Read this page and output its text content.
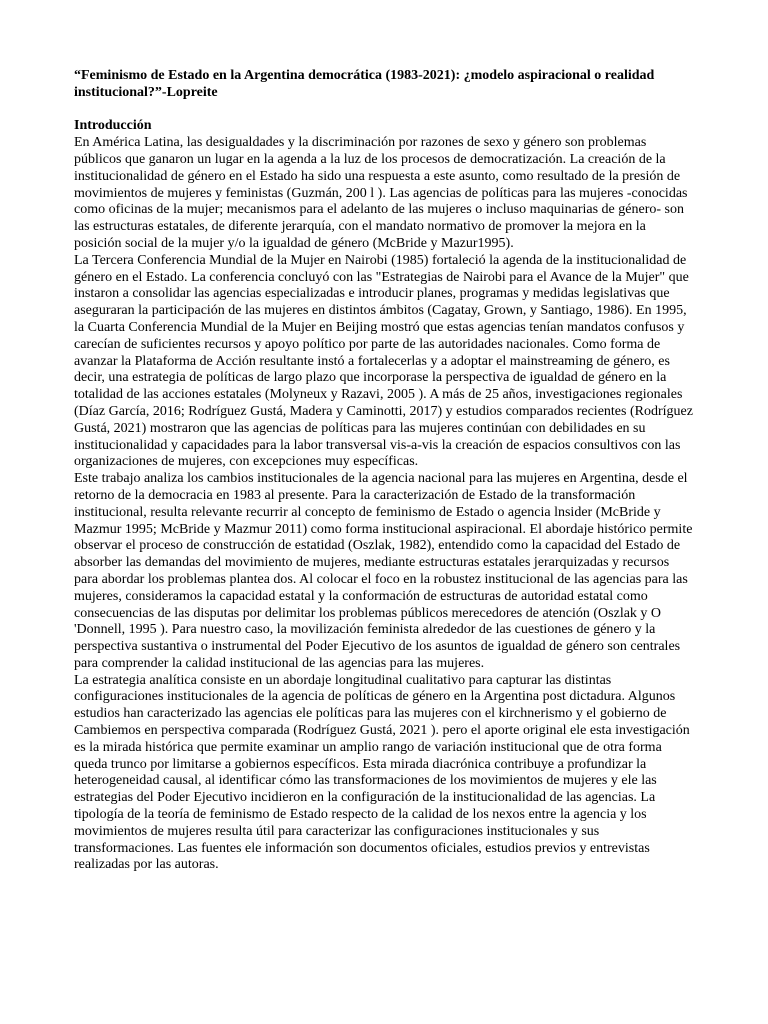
“Feminismo de Estado en la Argentina democrática (1983-2021): ¿modelo aspiracional o realidad institucional?”-Lopreite

Introducción

En América Latina, las desigualdades y la discriminación por razones de sexo y género son problemas públicos que ganaron un lugar en la agenda a la luz de los procesos de democratización. La creación de la institucionalidad de género en el Estado ha sido una respuesta a este asunto, como resultado de la presión de movimientos de mujeres y feministas (Guzmán, 200 l ). Las agencias de políticas para las mujeres -conocidas como oficinas de la mujer; mecanismos para el adelanto de las mujeres o incluso maquinarias de género- son las estructuras estatales, de diferente jerarquía, con el mandato normativo de promover la mejora en la posición social de la mujer y/o la igualdad de género (McBride y Mazur1995).

La Tercera Conferencia Mundial de la Mujer en Nairobi (1985) fortaleció la agenda de la institucionalidad de género en el Estado. La conferencia concluyó con las "Estrategias de Nairobi para el Avance de la Mujer" que instaron a consolidar las agencias especializadas e introducir planes, programas y medidas legislativas que aseguraran la participación de las mujeres en distintos ámbitos (Cagatay, Grown, y Santiago, 1986). En 1995, la Cuarta Conferencia Mundial de la Mujer en Beijing mostró que estas agencias tenían mandatos confusos y carecían de suficientes recursos y apoyo político por parte de las autoridades nacionales. Como forma de avanzar la Plataforma de Acción resultante instó a fortalecerlas y a adoptar el mainstreaming de género, es decir, una estrategia de políticas de largo plazo que incorporase la perspectiva de igualdad de género en la totalidad de las acciones estatales (Molyneux y Razavi, 2005 ). A más de 25 años, investigaciones regionales (Díaz García, 2016; Rodríguez Gustá, Madera y Caminotti, 2017) y estudios comparados recientes (Rodríguez Gustá, 2021) mostraron que las agencias de políticas para las mujeres continúan con debilidades en su institucionalidad y capacidades para la labor transversal vis-a-vis la creación de espacios consultivos con las organizaciones de mujeres, con excepciones muy específicas.

Este trabajo analiza los cambios institucionales de la agencia nacional para las mujeres en Argentina, desde el retorno de la democracia en 1983 al presente. Para la caracterización de Estado de la transformación institucional, resulta relevante recurrir al concepto de feminismo de Estado o agencia lnsider (McBride y Mazmur 1995; McBride y Mazmur 2011) como forma institucional aspiracional. El abordaje histórico permite observar el proceso de construcción de estatidad (Oszlak, 1982), entendido como la capacidad del Estado de absorber las demandas del movimiento de mujeres, mediante estructuras estatales jerarquizadas y recursos para abordar los problemas plantea dos. Al colocar el foco en la robustez institucional de las agencias para las mujeres, consideramos la capacidad estatal y la conformación de estructuras de autoridad estatal como consecuencias de las disputas por delimitar los problemas públicos merecedores de atención (Oszlak y O 'Donnell, 1995 ). Para nuestro caso, la movilización feminista alrededor de las cuestiones de género y la perspectiva sustantiva o instrumental del Poder Ejecutivo de los asuntos de igualdad de género son centrales para comprender la calidad institucional de las agencias para las mujeres.

La estrategia analítica consiste en un abordaje longitudinal cualitativo para capturar las distintas configuraciones institucionales de la agencia de políticas de género en la Argentina post dictadura. Algunos estudios han caracterizado las agencias ele políticas para las mujeres con el kirchnerismo y el gobierno de Cambiemos en perspectiva comparada (Rodríguez Gustá, 2021 ). pero el aporte original ele esta investigación es la mirada histórica que permite examinar un amplio rango de variación institucional que de otra forma queda trunco por limitarse a gobiernos específicos. Esta mirada diacrónica contribuye a profundizar la heterogeneidad causal, al identificar cómo las transformaciones de los movimientos de mujeres y ele las estrategias del Poder Ejecutivo incidieron en la configuración de la institucionalidad de las agencias. La tipología de la teoría de feminismo de Estado respecto de la calidad de los nexos entre la agencia y los movimientos de mujeres resulta útil para caracterizar las configuraciones institucionales y sus transformaciones. Las fuentes ele información son documentos oficiales, estudios previos y entrevistas realizadas por las autoras.
